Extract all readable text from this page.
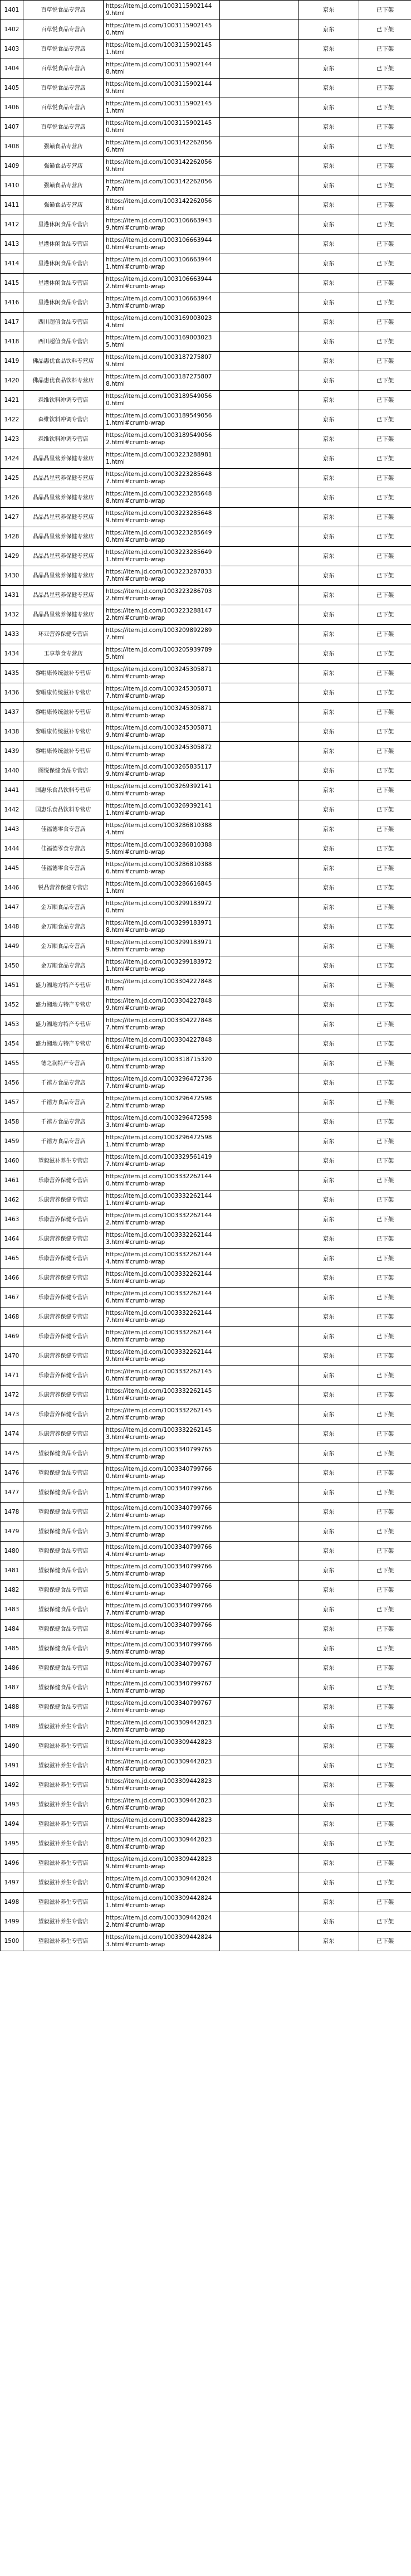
1401	百草悦食品专营店	https://item.jd.com/10031159021449.html		京东	已下架
1402	百草悦食品专营店	https://item.jd.com/10031159021450.html		京东	已下架
1403	百草悦食品专营店	https://item.jd.com/10031159021451.html		京东	已下架
1404	百草悦食品专营店	https://item.jd.com/10031159021448.html		京东	已下架
1405	百草悦食品专营店	https://item.jd.com/10031159021449.html		京东	已下架
1406	百草悦食品专营店	https://item.jd.com/10031159021451.html		京东	已下架
1407	百草悦食品专营店	https://item.jd.com/10031159021450.html		京东	已下架
1408	强巅食品专营店	https://item.jd.com/10031422620566.html		京东	已下架
1409	强巅食品专营店	https://item.jd.com/10031422620569.html		京东	已下架
1410	强巅食品专营店	https://item.jd.com/10031422620567.html		京东	已下架
1411	强巅食品专营店	https://item.jd.com/10031422620568.html		京东	已下架
1412	星港休闲食品专营店	https://item.jd.com/10031066639439.html#crumb-wrap		京东	已下架
1413	星港休闲食品专营店	https://item.jd.com/10031066639440.html#crumb-wrap		京东	已下架
1414	星港休闲食品专营店	https://item.jd.com/10031066639441.html#crumb-wrap		京东	已下架
1415	星港休闲食品专营店	https://item.jd.com/10031066639442.html#crumb-wrap		京东	已下架
1416	星港休闲食品专营店	https://item.jd.com/10031066639443.html#crumb-wrap		京东	已下架
1417	西川超值食品专营店	https://item.jd.com/10031690030234.html		京东	已下架
1418	西川超值食品专营店	https://item.jd.com/10031690030235.html		京东	已下架
1419	佛晶惠优食品饮料专营店	https://item.jd.com/10031872758079.html		京东	已下架
1420	佛晶惠优食品饮料专营店	https://item.jd.com/10031872758078.html		京东	已下架
1421	森维饮料冲调专营店	https://item.jd.com/10031895490560.html		京东	已下架
1422	森维饮料冲调专营店	https://item.jd.com/10031895490561.html#crumb-wrap		京东	已下架
1423	森维饮料冲调专营店	https://item.jd.com/10031895490562.html#crumb-wrap		京东	已下架
1424	晶晶晶星营养保健专营店	https://item.jd.com/10032232889811.html		京东	已下架
1425	晶晶晶星营养保健专营店	https://item.jd.com/10032232856487.html#crumb-wrap		京东	已下架
1426	晶晶晶星营养保健专营店	https://item.jd.com/10032232856488.html#crumb-wrap		京东	已下架
1427	晶晶晶星营养保健专营店	https://item.jd.com/10032232856489.html#crumb-wrap		京东	已下架
1428	晶晶晶星营养保健专营店	https://item.jd.com/10032232856490.html#crumb-wrap		京东	已下架
1429	晶晶晶星营养保健专营店	https://item.jd.com/10032232856491.html#crumb-wrap		京东	已下架
1430	晶晶晶星营养保健专营店	https://item.jd.com/10032232878337.html#crumb-wrap		京东	已下架
1431	晶晶晶星营养保健专营店	https://item.jd.com/10032232867032.html#crumb-wrap		京东	已下架
1432	晶晶晶星营养保健专营店	https://item.jd.com/10032232881472.html#crumb-wrap		京东	已下架
1433	环亚营养保健专营店	https://item.jd.com/10032098922897.html		京东	已下架
1434	玉享萃食专营店	https://item.jd.com/10032059397895.html		京东	已下架
1435	黎帽康传统滋补专营店	https://item.jd.com/10032453058716.html#crumb-wrap		京东	已下架
1436	黎帽康传统滋补专营店	https://item.jd.com/10032453058717.html#crumb-wrap		京东	已下架
1437	黎帽康传统滋补专营店	https://item.jd.com/10032453058718.html#crumb-wrap		京东	已下架
1438	黎帽康传统滋补专营店	https://item.jd.com/10032453058719.html#crumb-wrap		京东	已下架
1439	黎帽康传统滋补专营店	https://item.jd.com/10032453058720.html#crumb-wrap		京东	已下架
1440	图悦保健食品专营店	https://item.jd.com/10032658351179.html#crumb-wrap		京东	已下架
1441	国惠乐食品饮料专营店	https://item.jd.com/10032693921410.html#crumb-wrap		京东	已下架
1442	国惠乐食品饮料专营店	https://item.jd.com/10032693921411.html#crumb-wrap		京东	已下架
1443	佳福德零食专营店	https://item.jd.com/10032868103884.html		京东	已下架
1444	佳福德零食专营店	https://item.jd.com/10032868103885.html#crumb-wrap		京东	已下架
1445	佳福德零食专营店	https://item.jd.com/10032868103886.html#crumb-wrap		京东	已下架
1446	锐品营养保健专营店	https://item.jd.com/10032866168451.html		京东	已下架
1447	金万顺食品专营店	https://item.jd.com/10032991839720.html		京东	已下架
1448	金万顺食品专营店	https://item.jd.com/10032991839718.html#crumb-wrap		京东	已下架
1449	金万顺食品专营店	https://item.jd.com/10032991839719.html#crumb-wrap		京东	已下架
1450	金万顺食品专营店	https://item.jd.com/10032991839721.html#crumb-wrap		京东	已下架
1451	盛力湘地方特产专营店	https://item.jd.com/10033042278488.html		京东	已下架
1452	盛力湘地方特产专营店	https://item.jd.com/10033042278489.html#crumb-wrap		京东	已下架
1453	盛力湘地方特产专营店	https://item.jd.com/10033042278487.html#crumb-wrap		京东	已下架
1454	盛力湘地方特产专营店	https://item.jd.com/10033042278486.html#crumb-wrap		京东	已下架
1455	德之润特产专营店	https://item.jd.com/10033187153200.html#crumb-wrap		京东	已下架
1456	千禧方食品专营店	https://item.jd.com/10032964727367.html#crumb-wrap		京东	已下架
1457	千禧方食品专营店	https://item.jd.com/10032964725982.html#crumb-wrap		京东	已下架
1458	千禧方食品专营店	https://item.jd.com/10032964725983.html#crumb-wrap		京东	已下架
1459	千禧方食品专营店	https://item.jd.com/10032964725981.html#crumb-wrap		京东	已下架
1460	望毅滋补养生专营店	https://item.jd.com/10033295614197.html#crumb-wrap		京东	已下架
1461	乐康营养保健专营店	https://item.jd.com/10033322621440.html#crumb-wrap		京东	已下架
1462	乐康营养保健专营店	https://item.jd.com/10033322621441.html#crumb-wrap		京东	已下架
1463	乐康营养保健专营店	https://item.jd.com/10033322621442.html#crumb-wrap		京东	已下架
1464	乐康营养保健专营店	https://item.jd.com/10033322621443.html#crumb-wrap		京东	已下架
1465	乐康营养保健专营店	https://item.jd.com/10033322621444.html#crumb-wrap		京东	已下架
1466	乐康营养保健专营店	https://item.jd.com/10033322621445.html#crumb-wrap		京东	已下架
1467	乐康营养保健专营店	https://item.jd.com/10033322621446.html#crumb-wrap		京东	已下架
1468	乐康营养保健专营店	https://item.jd.com/10033322621447.html#crumb-wrap		京东	已下架
1469	乐康营养保健专营店	https://item.jd.com/10033322621448.html#crumb-wrap		京东	已下架
1470	乐康营养保健专营店	https://item.jd.com/10033322621449.html#crumb-wrap		京东	已下架
1471	乐康营养保健专营店	https://item.jd.com/10033322621450.html#crumb-wrap		京东	已下架
1472	乐康营养保健专营店	https://item.jd.com/10033322621451.html#crumb-wrap		京东	已下架
1473	乐康营养保健专营店	https://item.jd.com/10033322621452.html#crumb-wrap		京东	已下架
1474	乐康营养保健专营店	https://item.jd.com/10033322621453.html#crumb-wrap		京东	已下架
1475	望毅保健食品专营店	https://item.jd.com/10033407997659.html#crumb-wrap		京东	已下架
1476	望毅保健食品专营店	https://item.jd.com/10033407997660.html#crumb-wrap		京东	已下架
1477	望毅保健食品专营店	https://item.jd.com/10033407997661.html#crumb-wrap		京东	已下架
1478	望毅保健食品专营店	https://item.jd.com/10033407997662.html#crumb-wrap		京东	已下架
1479	望毅保健食品专营店	https://item.jd.com/10033407997663.html#crumb-wrap		京东	已下架
1480	望毅保健食品专营店	https://item.jd.com/10033407997664.html#crumb-wrap		京东	已下架
1481	望毅保健食品专营店	https://item.jd.com/10033407997665.html#crumb-wrap		京东	已下架
1482	望毅保健食品专营店	https://item.jd.com/10033407997666.html#crumb-wrap		京东	已下架
1483	望毅保健食品专营店	https://item.jd.com/10033407997667.html#crumb-wrap		京东	已下架
1484	望毅保健食品专营店	https://item.jd.com/10033407997668.html#crumb-wrap		京东	已下架
1485	望毅保健食品专营店	https://item.jd.com/10033407997669.html#crumb-wrap		京东	已下架
1486	望毅保健食品专营店	https://item.jd.com/10033407997670.html#crumb-wrap		京东	已下架
1487	望毅保健食品专营店	https://item.jd.com/10033407997671.html#crumb-wrap		京东	已下架
1488	望毅保健食品专营店	https://item.jd.com/10033407997672.html#crumb-wrap		京东	已下架
1489	望毅滋补养生专营店	https://item.jd.com/10033094428232.html#crumb-wrap		京东	已下架
1490	望毅滋补养生专营店	https://item.jd.com/10033094428233.html#crumb-wrap		京东	已下架
1491	望毅滋补养生专营店	https://item.jd.com/10033094428234.html#crumb-wrap		京东	已下架
1492	望毅滋补养生专营店	https://item.jd.com/10033094428235.html#crumb-wrap		京东	已下架
1493	望毅滋补养生专营店	https://item.jd.com/10033094428236.html#crumb-wrap		京东	已下架
1494	望毅滋补养生专营店	https://item.jd.com/10033094428237.html#crumb-wrap		京东	已下架
1495	望毅滋补养生专营店	https://item.jd.com/10033094428238.html#crumb-wrap		京东	已下架
1496	望毅滋补养生专营店	https://item.jd.com/10033094428239.html#crumb-wrap		京东	已下架
1497	望毅滋补养生专营店	https://item.jd.com/10033094428240.html#crumb-wrap		京东	已下架
1498	望毅滋补养生专营店	https://item.jd.com/10033094428241.html#crumb-wrap		京东	已下架
1499	望毅滋补养生专营店	https://item.jd.com/10033094428242.html#crumb-wrap		京东	已下架
1500	望毅滋补养生专营店	https://item.jd.com/10033094428243.html#crumb-wrap		京东	已下架
